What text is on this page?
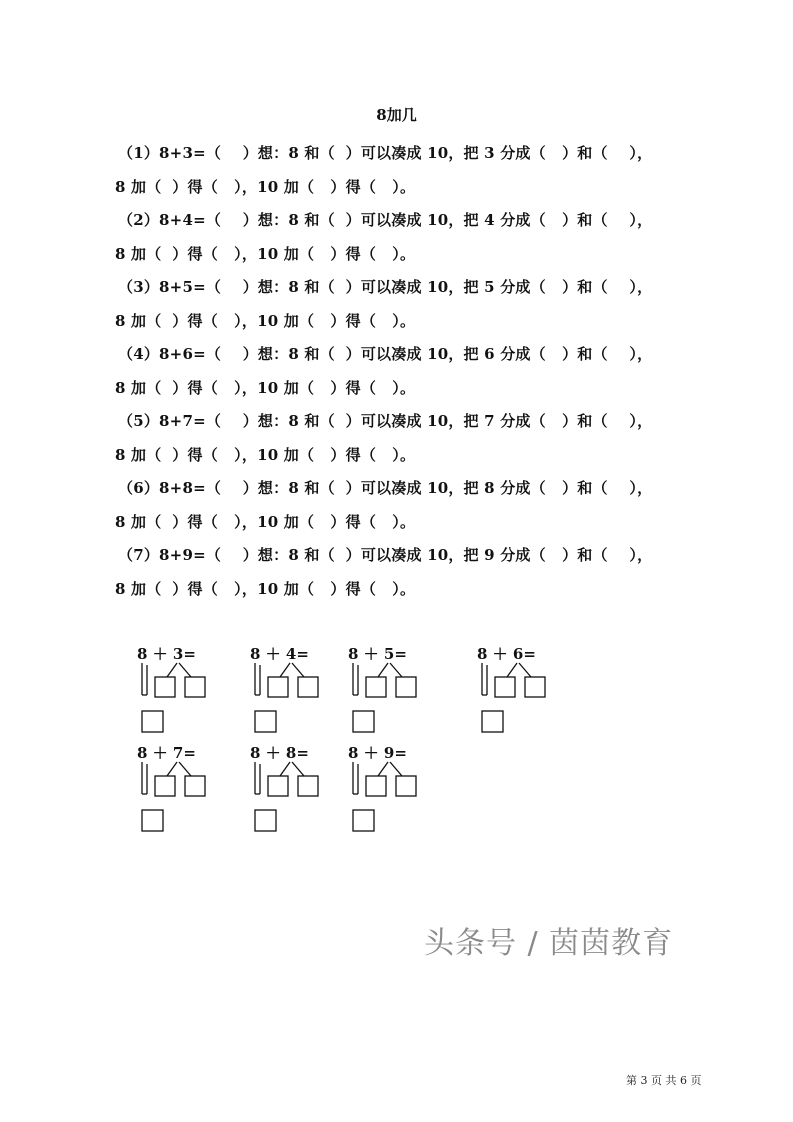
8加几
（1）8+3=（    ）想：8 和（  ）可以凑成 10，把 3 分成（   ）和（    ），
8 加（  ）得（   ），10 加（   ）得（   ）。
（2）8+4=（    ）想：8 和（  ）可以凑成 10，把 4 分成（   ）和（    ），
8 加（  ）得（   ），10 加（   ）得（   ）。
（3）8+5=（    ）想：8 和（  ）可以凑成 10，把 5 分成（   ）和（    ），
8 加（  ）得（   ），10 加（   ）得（   ）。
（4）8+6=（    ）想：8 和（  ）可以凑成 10，把 6 分成（   ）和（    ），
8 加（  ）得（   ），10 加（   ）得（   ）。
（5）8+7=（    ）想：8 和（  ）可以凑成 10，把 7 分成（   ）和（    ），
8 加（  ）得（   ），10 加（   ）得（   ）。
（6）8+8=（    ）想：8 和（  ）可以凑成 10，把 8 分成（   ）和（    ），
8 加（  ）得（   ），10 加（   ）得（   ）。
（7）8+9=（    ）想：8 和（  ）可以凑成 10，把 9 分成（   ）和（    ），
8 加（  ）得（   ），10 加（   ）得（   ）。
8 ＋ 3=	8 ＋ 4=	8 ＋ 5=	8 ＋ 6=
8 ＋ 7=	8 ＋ 8=	8 ＋ 9=
头条号 / 茵茵教育
第 3 页 共 6 页
